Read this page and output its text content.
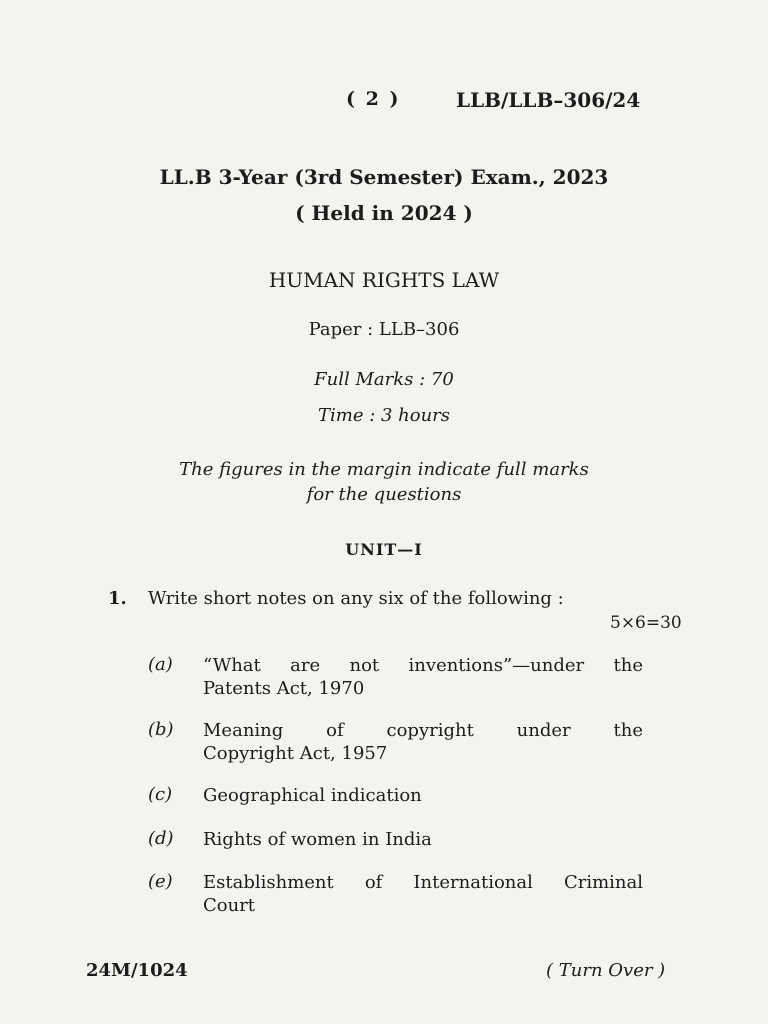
( 2 )	LLB/LLB–306/24
LL.B 3-Year (3rd Semester) Exam., 2023
( Held in 2024 )
HUMAN RIGHTS LAW
Paper : LLB–306
Full Marks : 70
Time : 3 hours
The figures in the margin indicate full marks
for the questions
UNIT—I
1. Write short notes on any six of the following :
5×6=30
(a) “What are not inventions”—under the
Patents Act, 1970
(b) Meaning of copyright under the
Copyright Act, 1957
(c) Geographical indication
(d) Rights of women in India
(e) Establishment of International Criminal
Court
24M/1024	( Turn Over )
